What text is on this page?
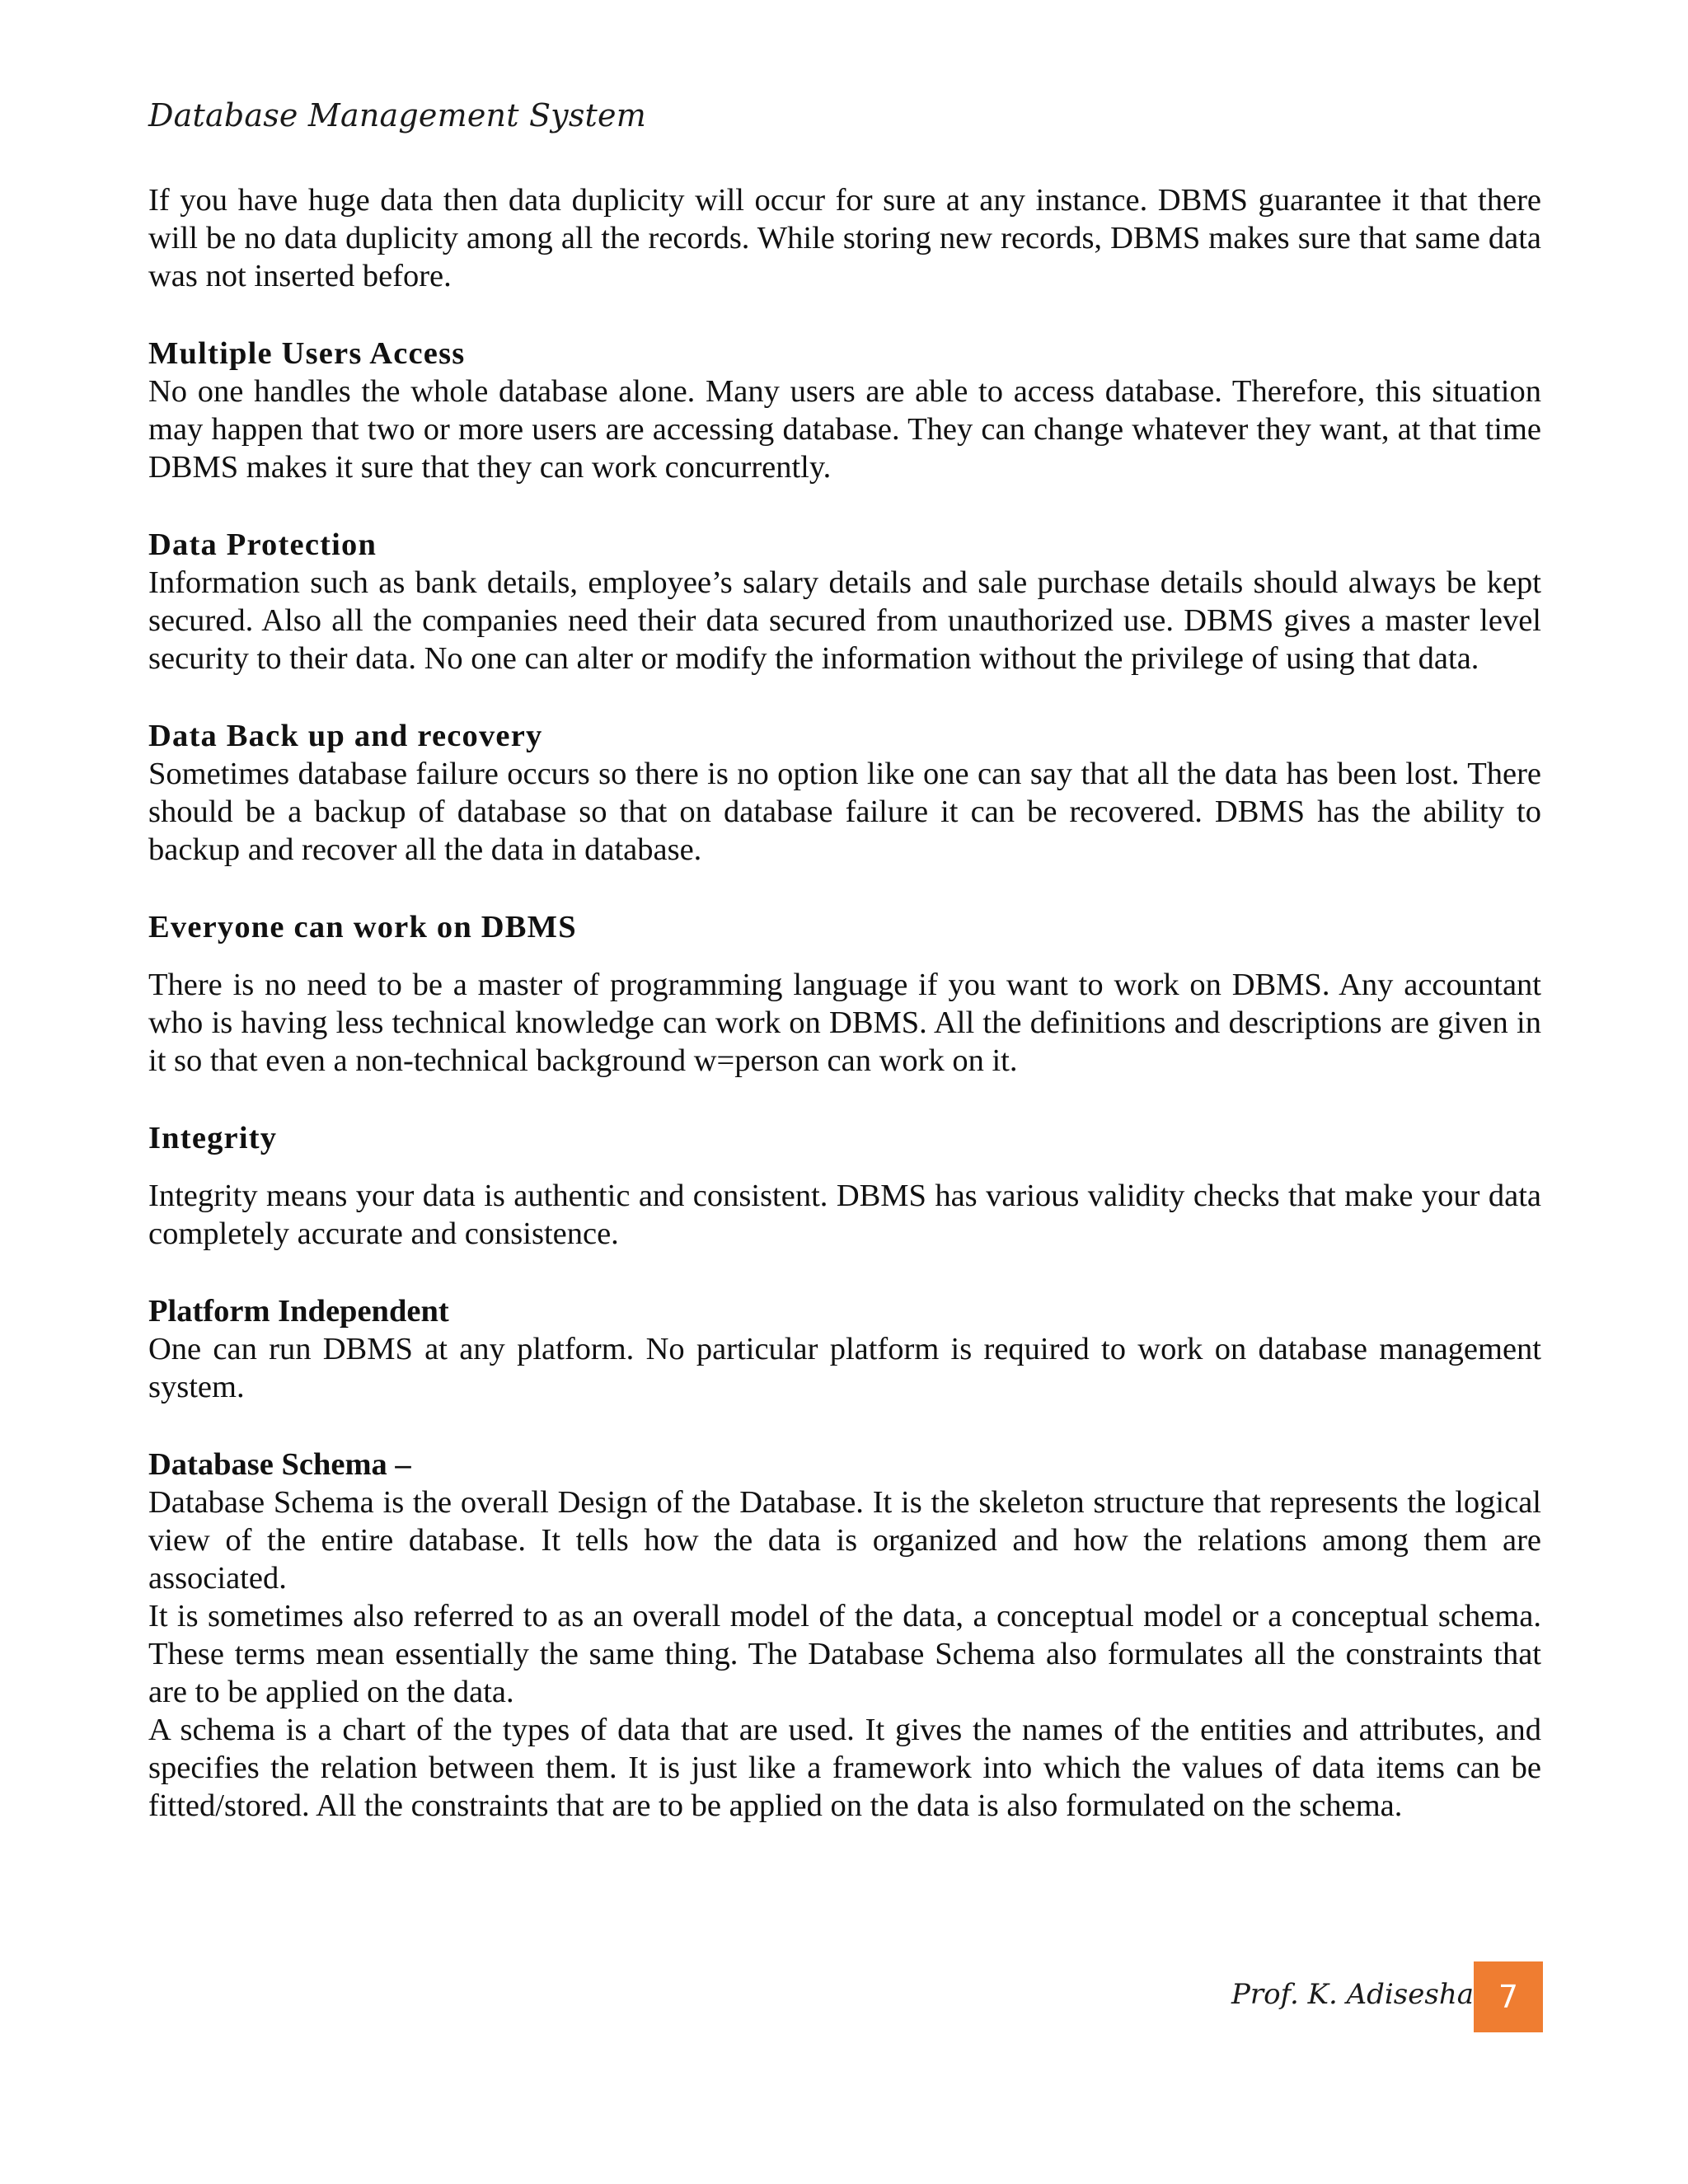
Database Management System

If you have huge data then data duplicity will occur for sure at any instance. DBMS guarantee it that there will be no data duplicity among all the records. While storing new records, DBMS makes sure that same data was not inserted before.

Multiple Users Access

No one handles the whole database alone. Many users are able to access database. Therefore, this situation may happen that two or more users are accessing database. They can change whatever they want, at that time DBMS makes it sure that they can work concurrently.

Data Protection

Information such as bank details, employee’s salary details and sale purchase details should always be kept secured. Also all the companies need their data secured from unauthorized use. DBMS gives a master level security to their data. No one can alter or modify the information without the privilege of using that data.

Data Back up and recovery

Sometimes database failure occurs so there is no option like one can say that all the data has been lost. There should be a backup of database so that on database failure it can be recovered. DBMS has the ability to backup and recover all the data in database.

Everyone can work on DBMS

There is no need to be a master of programming language if you want to work on DBMS. Any accountant who is having less technical knowledge can work on DBMS. All the definitions and descriptions are given in it so that even a non-technical background w=person can work on it.

Integrity

Integrity means your data is authentic and consistent. DBMS has various validity checks that make your data completely accurate and consistence.

Platform Independent

One can run DBMS at any platform. No particular platform is required to work on database management system.

Database Schema –

Database Schema is the overall Design of the Database. It is the skeleton structure that represents the logical view of the entire database. It tells how the data is organized and how the relations among them are associated.

It is sometimes also referred to as an overall model of the data, a conceptual model or a conceptual schema. These terms mean essentially the same thing. The Database Schema also formulates all the constraints that are to be applied on the data.

A schema is a chart of the types of data that are used. It gives the names of the entities and attributes, and specifies the relation between them. It is just like a framework into which the values of data items can be fitted/stored. All the constraints that are to be applied on the data is also formulated on the schema.

Prof. K. Adisesha 7
